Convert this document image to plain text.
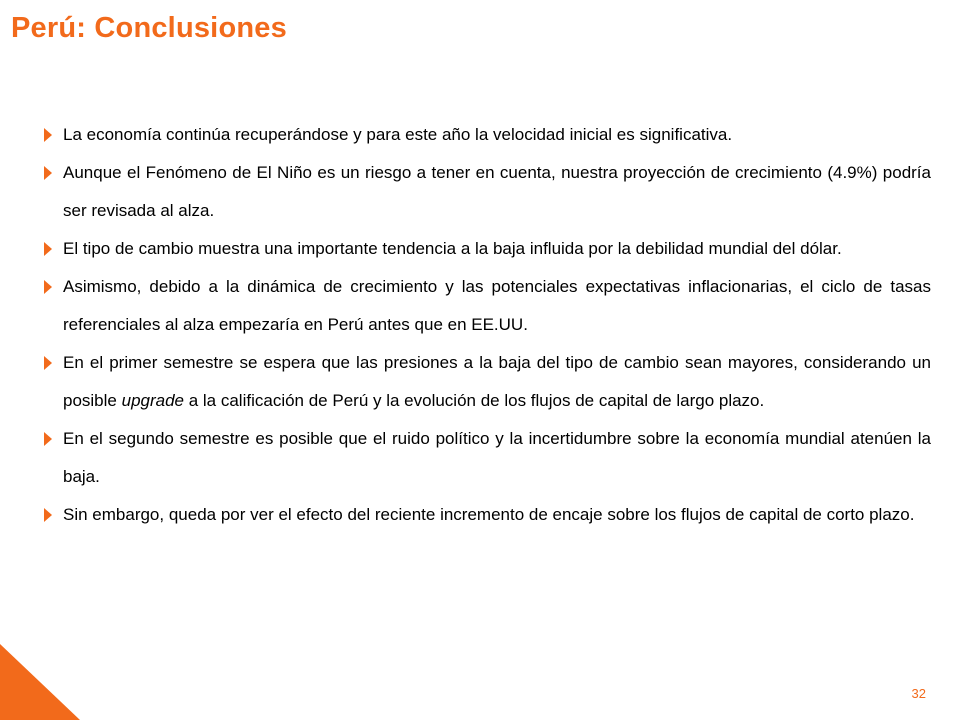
Perú: Conclusiones
La economía continúa recuperándose y para este año la velocidad inicial es significativa.
Aunque el Fenómeno de El Niño es un riesgo a tener en cuenta, nuestra proyección de crecimiento (4.9%) podría ser revisada al alza.
El tipo de cambio muestra una importante tendencia a la baja influida por la debilidad mundial del dólar.
Asimismo, debido a la dinámica de crecimiento y las potenciales expectativas inflacionarias, el ciclo de tasas referenciales al alza empezaría en Perú antes que en EE.UU.
En el primer semestre se espera que las presiones a la baja del tipo de cambio sean mayores, considerando un posible upgrade a la calificación de Perú y la evolución de los flujos de capital de largo plazo.
En el segundo semestre es posible que el ruido político y la incertidumbre sobre la economía mundial atenúen la baja.
Sin embargo, queda por ver el efecto del reciente incremento de encaje sobre los flujos de capital de corto plazo.
32
